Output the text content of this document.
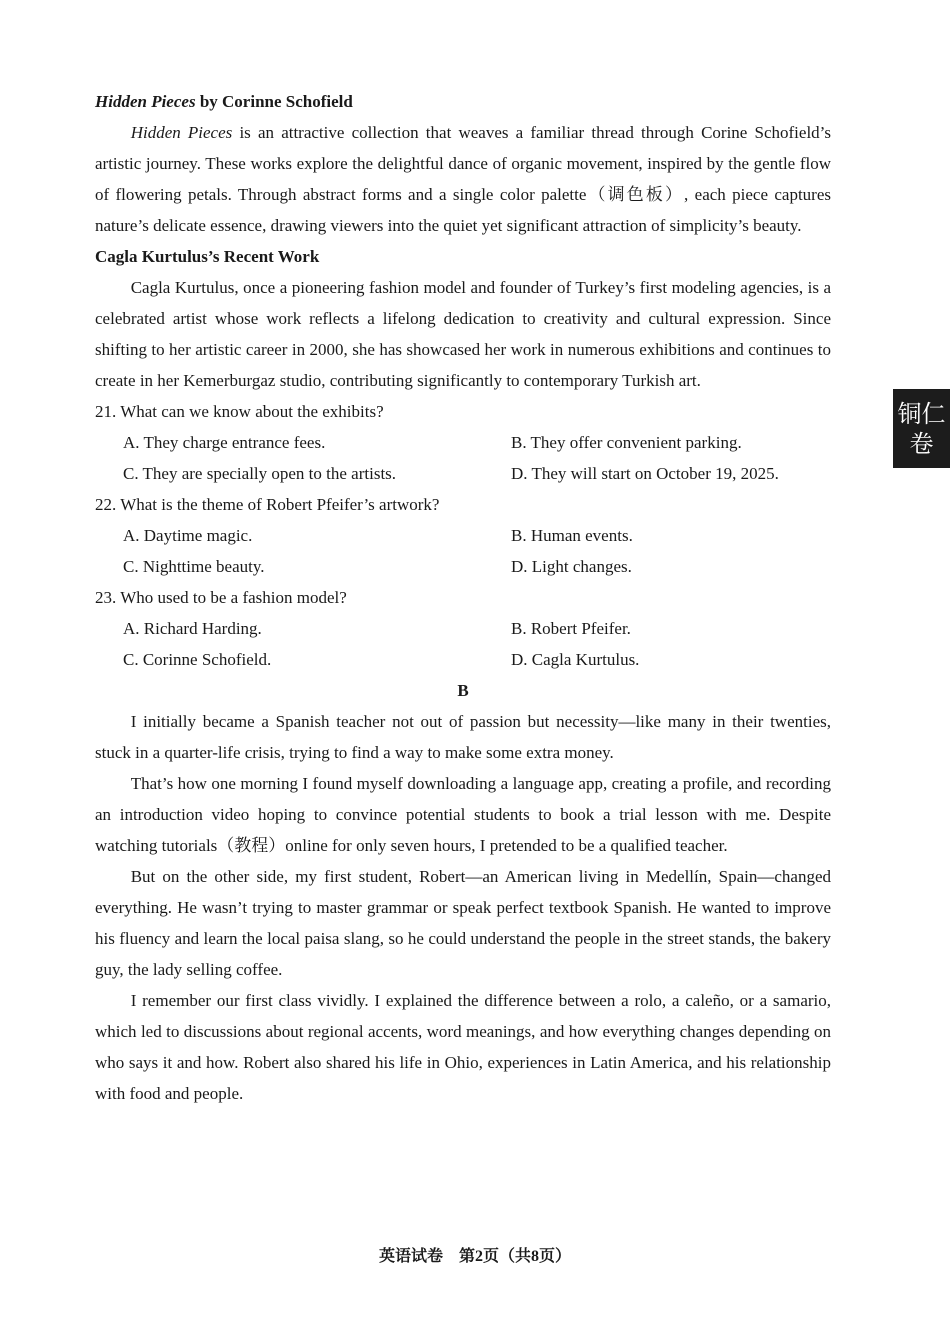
Hidden Pieces by Corinne Schofield

Hidden Pieces is an attractive collection that weaves a familiar thread through Corine Schofield’s artistic journey. These works explore the delightful dance of organic movement, inspired by the gentle flow of flowering petals. Through abstract forms and a single color palette（调色板）, each piece captures nature’s delicate essence, drawing viewers into the quiet yet significant attraction of simplicity’s beauty.

Cagla Kurtulus’s Recent Work

Cagla Kurtulus, once a pioneering fashion model and founder of Turkey’s first modeling agencies, is a celebrated artist whose work reflects a lifelong dedication to creativity and cultural expression. Since shifting to her artistic career in 2000, she has showcased her work in numerous exhibitions and continues to create in her Kemerburgaz studio, contributing significantly to contemporary Turkish art.

21. What can we know about the exhibits?

A. They charge entrance fees.	B. They offer convenient parking.
C. They are specially open to the artists.	D. They will start on October 19, 2025.

22. What is the theme of Robert Pfeifer’s artwork?

A. Daytime magic.	B. Human events.
C. Nighttime beauty.	D. Light changes.

23. Who used to be a fashion model?

A. Richard Harding.	B. Robert Pfeifer.
C. Corinne Schofield.	D. Cagla Kurtulus.

B

I initially became a Spanish teacher not out of passion but necessity—like many in their twenties, stuck in a quarter-life crisis, trying to find a way to make some extra money.

That’s how one morning I found myself downloading a language app, creating a profile, and recording an introduction video hoping to convince potential students to book a trial lesson with me. Despite watching tutorials（教程）online for only seven hours, I pretended to be a qualified teacher.

But on the other side, my first student, Robert—an American living in Medellín, Spain—changed everything. He wasn’t trying to master grammar or speak perfect textbook Spanish. He wanted to improve his fluency and learn the local paisa slang, so he could understand the people in the street stands, the bakery guy, the lady selling coffee.

I remember our first class vividly. I explained the difference between a rolo, a caleño, or a samario, which led to discussions about regional accents, word meanings, and how everything changes depending on who says it and how. Robert also shared his life in Ohio, experiences in Latin America, and his relationship with food and people.

铜仁
卷
英语试卷　第2页（共8页）
